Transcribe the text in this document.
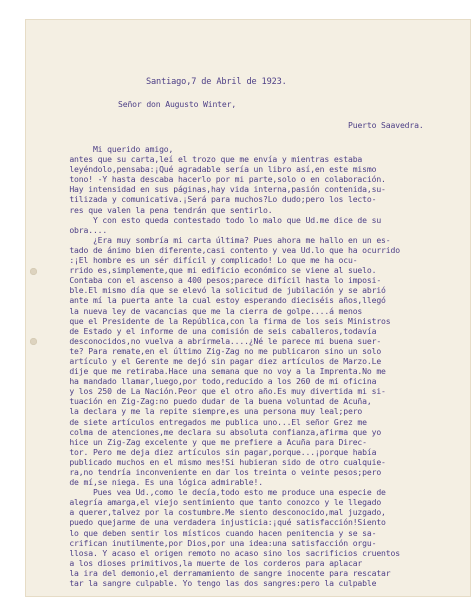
Santiago,7 de Abril de 1923.
Señor don Augusto Winter,
Puerto Saavedra.
Mi querido amigo,
antes que su carta,leí el trozo que me envía y mientras estaba
leyéndolo,pensaba:¡Qué agradable sería un libro así,en este mismo
tono! -Y hasta descaba hacerlo por mi parte,solo o en colaboración.
Hay intensidad en sus páginas,hay vida interna,pasión contenida,su-
tilizada y comunicativa.¡Será para muchos?Lo dudo;pero los lecto-
res que valen la pena tendrán que sentirlo.
Y con esto queda contestado todo lo malo que Ud.me dice de su
obra....
¿Era muy sombría mi carta última? Pues ahora me hallo en un es-
tado de ánimo bien diferente,casi contento y vea Ud.lo que ha ocurrido
:¡El hombre es un sér difícil y complicado! Lo que me ha ocu-
rrido es,simplemente,que mi edificio económico se viene al suelo.
Contaba con el ascenso a 400 pesos;parece difícil hasta lo imposi-
ble.El mismo día que se elevó la solicitud de jubilación y se abrió
ante mí la puerta ante la cual estoy esperando dieciséis años,llegó
la nueva ley de vacancias que me la cierra de golpe....á menos
que el Presidente de la República,con la firma de los seis Ministros
de Estado y el informe de una comisión de seis caballeros,todavía
desconocidos,no vuelva a abrírmela....¿Né le parece mi buena suer-
te? Para remate,en el último Zig-Zag no me publicaron sino un solo
artículo y el Gerente me dejó sin pagar diez artículos de Marzo.Le
dije que me retiraba.Hace una semana que no voy a la Imprenta.No me
ha mandado llamar,luego,por todo,reducido a los 260 de mi oficina
y los 250 de La Nación.Peor que el otro año.Es muy divertida mi si-
tuación en Zig-Zag:no puedo dudar de la buena voluntad de Acuña,
la declara y me la repite siempre,es una persona muy leal;pero
de siete artículos entregados me publica uno...El señor Grez me
colma de atenciones,me declara su absoluta confianza,afirma que yo
hice un Zig-Zag excelente y que me prefiere a Acuña para Direc-
tor. Pero me deja diez artículos sin pagar,porque...¡porque había
publicado muchos en el mismo mes!Si hubieran sido de otro cualquie-
ra,no tendría inconveniente en dar los treinta o veinte pesos;pero
de mí,se niega. Es una lógica admirable!.
Pues vea Ud.,como le decía,todo esto me produce una especie de
alegría amarga,el viejo sentimiento que tanto conozco y le llegado
a querer,talvez por la costumbre.Me siento desconocido,mal juzgado,
puedo quejarme de una verdadera injusticia:¡qué satisfacción!Siento
lo que deben sentir los místicos cuando hacen penitencia y se sa-
crifican inutilmente,por Dios,por una idea:una satisfacción orgu-
llosa. Y acaso el origen remoto no acaso sino los sacrificios cruentos
a los dioses primitivos,la muerte de los corderos para aplacar
la ira del demonio,el derramamiento de sangre inocente para rescatar
tar la sangre culpable. Yo tengo las dos sangres:pero la culpable
